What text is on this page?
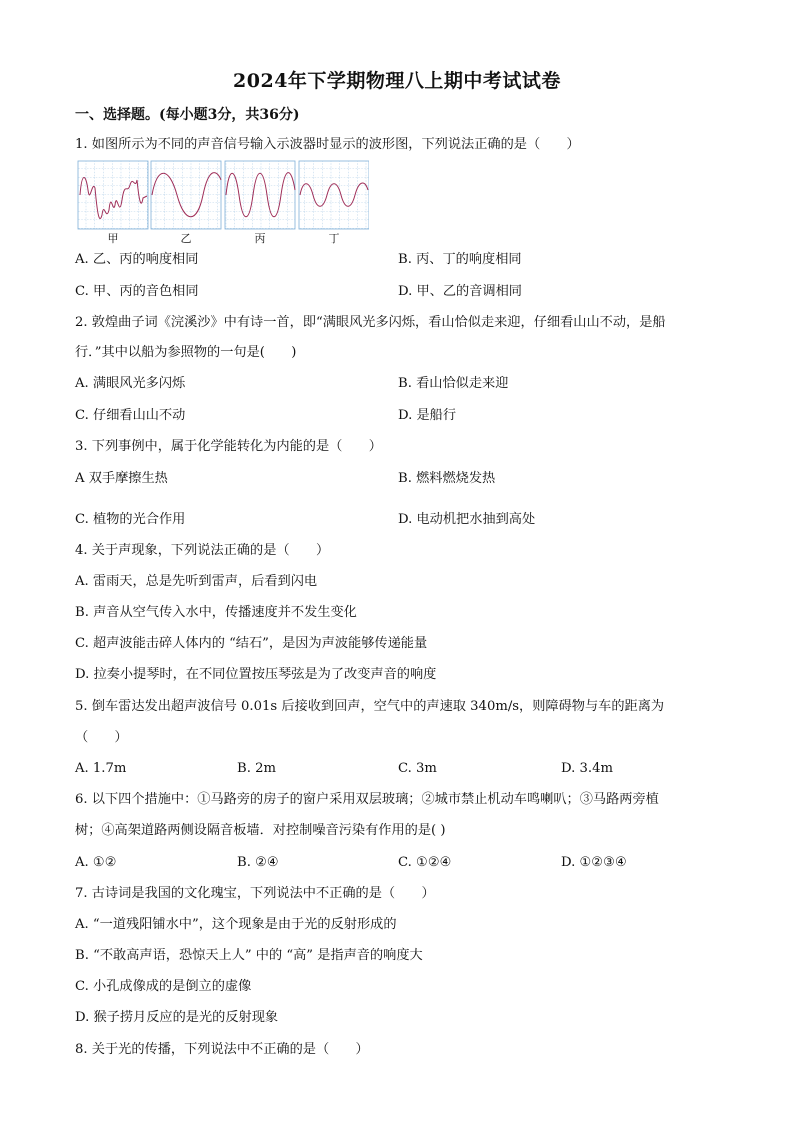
2024年下学期物理八上期中考试试卷
一、选择题。(每小题3分，共36分)
1. 如图所示为不同的声音信号输入示波器时显示的波形图，下列说法正确的是（　　）
甲	乙	丙	丁
A. 乙、丙的响度相同	B. 丙、丁的响度相同
C. 甲、丙的音色相同	D. 甲、乙的音调相同
2. 敦煌曲子词《浣溪沙》中有诗一首，即“满眼风光多闪烁，看山恰似走来迎，仔细看山山不动，是船
行．”其中以船为参照物的一句是(　　)
A. 满眼风光多闪烁	B. 看山恰似走来迎
C. 仔细看山山不动	D. 是船行
3. 下列事例中，属于化学能转化为内能的是（　　）
A 双手摩擦生热	B. 燃料燃烧发热
C. 植物的光合作用	D. 电动机把水抽到高处
4. 关于声现象，下列说法正确的是（　　）
A. 雷雨天，总是先听到雷声，后看到闪电
B. 声音从空气传入水中，传播速度并不发生变化
C. 超声波能击碎人体内的 “结石”，是因为声波能够传递能量
D. 拉奏小提琴时，在不同位置按压琴弦是为了改变声音的响度
5. 倒车雷达发出超声波信号 0.01s 后接收到回声，空气中的声速取 340m/s，则障碍物与车的距离为
（　　）
A. 1.7m	B. 2m	C. 3m	D. 3.4m
6. 以下四个措施中：①马路旁的房子的窗户采用双层玻璃；②城市禁止机动车鸣喇叭；③马路两旁植
树；④高架道路两侧设隔音板墙．对控制噪音污染有作用的是( )
A. ①②	B. ②④	C. ①②④	D. ①②③④
7. 古诗词是我国的文化瑰宝，下列说法中不正确的是（　　）
A. “一道残阳铺水中”，这个现象是由于光的反射形成的
B. “不敢高声语，恐惊天上人” 中的 “高” 是指声音的响度大
C. 小孔成像成的是倒立的虚像
D. 猴子捞月反应的是光的反射现象
8. 关于光的传播，下列说法中不正确的是（　　）
